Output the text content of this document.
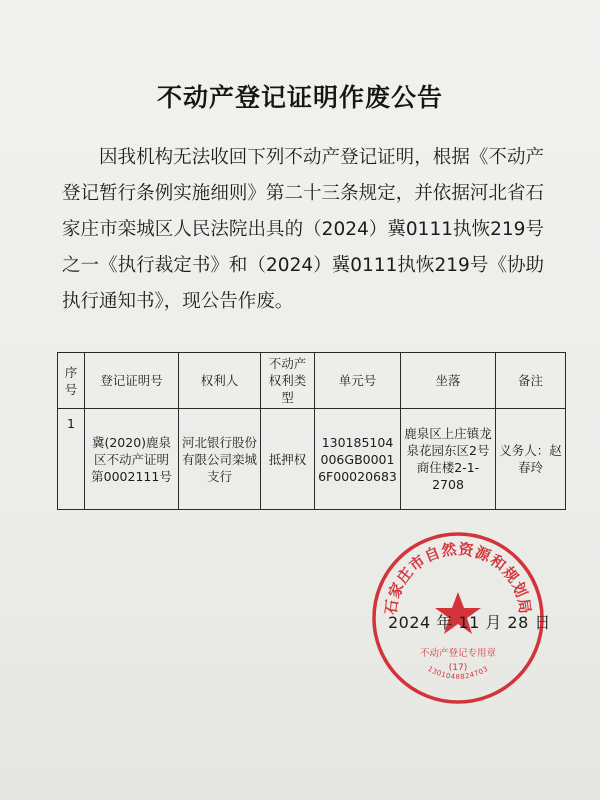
不动产登记证明作废公告
因我机构无法收回下列不动产登记证明，根据《不动产登记暂行条例实施细则》第二十三条规定，并依据河北省石家庄市栾城区人民法院出具的（2024）冀0111执恢219号之一《执行裁定书》和（2024）冀0111执恢219号《协助执行通知书》，现公告作废。
序号	登记证明号	权利人	不动产权利类型	单元号	坐落	备注
1	冀(2020)鹿泉区不动产证明第0002111号	河北银行股份有限公司栾城支行	抵押权	130185104006GB00016F00020683	鹿泉区上庄镇龙泉花园东区2号商住楼2-1-2708	义务人：赵春玲
石家庄市自然资源和规划局
不动产登记专用章
(17)
1301048824703
2024 年 11 月 28 日
